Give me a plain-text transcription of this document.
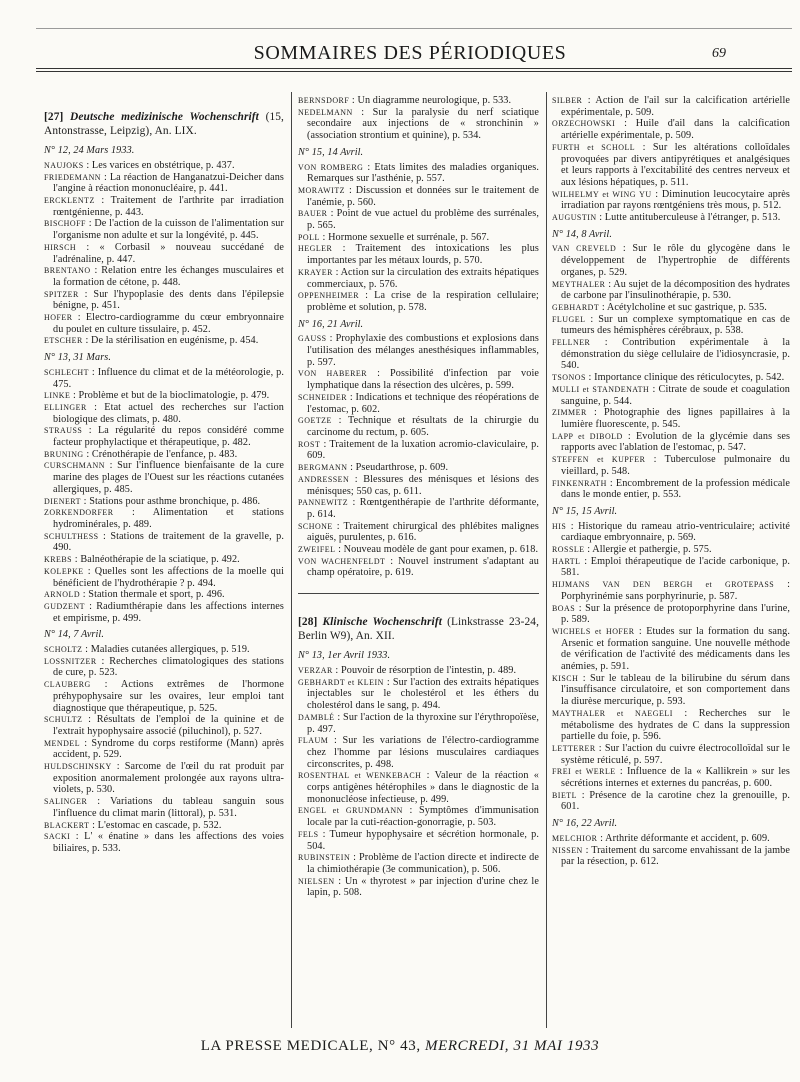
SOMMAIRES DES PÉRIODIQUES	69
[27] Deutsche medizinische Wochenschrift (15, Antonstrasse, Leipzig), An. LIX.
N° 12, 24 Mars 1933.
NAUJOKS : Les varices en obstétrique, p. 437.
FRIEDEMANN : La réaction de Hanganatzui-Deicher dans l'angine à réaction mononucléaire, p. 441.
ERCKLENTZ : Traitement de l'arthrite par irradiation rœntgénienne, p. 443.
BISCHOFF : De l'action de la cuisson de l'alimentation sur l'organisme non adulte et sur la longévité, p. 445.
HIRSCH : « Corbasil » nouveau succédané de l'adrénaline, p. 447.
BRENTANO : Relation entre les échanges musculaires et la formation de cétone, p. 448.
SPITZER : Sur l'hypoplasie des dents dans l'épilepsie bénigne, p. 451.
HOFER : Electro-cardiogramme du cœur embryonnaire du poulet en culture tissulaire, p. 452.
ETSCHER : De la stérilisation en eugénisme, p. 454.
N° 13, 31 Mars.
SCHLECHT : Influence du climat et de la météorologie, p. 475.
LINKE : Problème et but de la bioclimatologie, p. 479.
ELLINGER : Etat actuel des recherches sur l'action biologique des climats, p. 480.
STRAUSS : La régularité du repos considéré comme facteur prophylactique et thérapeutique, p. 482.
BRUNING : Crénothérapie de l'enfance, p. 483.
CURSCHMANN : Sur l'influence bienfaisante de la cure marine des plages de l'Ouest sur les réactions cutanées allergiques, p. 485.
DIENERT : Stations pour asthme bronchique, p. 486.
ZORKENDORFER : Alimentation et stations hydrominérales, p. 489.
SCHULTHESS : Stations de traitement de la gravelle, p. 490.
KREBS : Balnéothérapie de la sciatique, p. 492.
KOLEPKE : Quelles sont les affections de la moelle qui bénéficient de l'hydrothérapie ? p. 494.
ARNOLD : Station thermale et sport, p. 496.
GUDZENT : Radiumthérapie dans les affections internes et empirisme, p. 499.
N° 14, 7 Avril.
SCHOLTZ : Maladies cutanées allergiques, p. 519.
LOSSNITZER : Recherches climatologiques des stations de cure, p. 523.
CLAUBERG : Actions extrêmes de l'hormone préhypophysaire sur les ovaires, leur emploi tant diagnostique que thérapeutique, p. 525.
SCHULTZ : Résultats de l'emploi de la quinine et de l'extrait hypophysaire associé (piluchinol), p. 527.
MENDEL : Syndrome du corps restiforme (Mann) après accident, p. 529.
HULDSCHINSKY : Sarcome de l'œil du rat produit par exposition anormalement prolongée aux rayons ultra-violets, p. 530.
SALINGER : Variations du tableau sanguin sous l'influence du climat marin (littoral), p. 531.
BLACKERT : L'estomac en cascade, p. 532.
SACKI : L' « énatine » dans les affections des voies biliaires, p. 533.
BERNSDORF : Un diagramme neurologique, p. 533.
NEDELMANN : Sur la paralysie du nerf sciatique secondaire aux injections de « stronchinin » (association strontium et quinine), p. 534.
N° 15, 14 Avril.
VON ROMBERG : Etats limites des maladies organiques. Remarques sur l'asthénie, p. 557.
MORAWITZ : Discussion et données sur le traitement de l'anémie, p. 560.
BAUER : Point de vue actuel du problème des surrénales, p. 565.
POLL : Hormone sexuelle et surrénale, p. 567.
HEGLER : Traitement des intoxications les plus importantes par les métaux lourds, p. 570.
KRAYER : Action sur la circulation des extraits hépatiques commerciaux, p. 576.
OPPENHEIMER : La crise de la respiration cellulaire; problème et solution, p. 578.
N° 16, 21 Avril.
GAUSS : Prophylaxie des combustions et explosions dans l'utilisation des mélanges anesthésiques inflammables, p. 597.
VON HABERER : Possibilité d'infection par voie lymphatique dans la résection des ulcères, p. 599.
SCHNEIDER : Indications et technique des réopérations de l'estomac, p. 602.
GOETZE : Technique et résultats de la chirurgie du carcinome du rectum, p. 605.
ROST : Traitement de la luxation acromio-claviculaire, p. 609.
BERGMANN : Pseudarthrose, p. 609.
ANDRESSEN : Blessures des ménisques et lésions des ménisques; 550 cas, p. 611.
PANNEWITZ : Rœntgenthérapie de l'arthrite déformante, p. 614.
SCHONE : Traitement chirurgical des phlébites malignes aiguës, purulentes, p. 616.
ZWEIFEL : Nouveau modèle de gant pour examen, p. 618.
VON WACHENFELDT : Nouvel instrument s'adaptant au champ opératoire, p. 619.
[28] Klinische Wochenschrift (Linkstrasse 23-24, Berlin W9), An. XII.
N° 13, 1er Avril 1933.
VERZAR : Pouvoir de résorption de l'intestin, p. 489.
GEBHARDT et KLEIN : Sur l'action des extraits hépatiques injectables sur le cholestérol et les éthers du cholestérol dans le sang, p. 494.
DAMBLÉ : Sur l'action de la thyroxine sur l'érythropoïèse, p. 497.
FLAUM : Sur les variations de l'électro-cardiogramme chez l'homme par lésions musculaires cardiaques circonscrites, p. 498.
ROSENTHAL et WENKEBACH : Valeur de la réaction « corps antigènes hétérophiles » dans le diagnostic de la mononucléose infectieuse, p. 499.
ENGEL et GRUNDMANN : Symptômes d'immunisation locale par la cuti-réaction-gonorragie, p. 503.
FELS : Tumeur hypophysaire et sécrétion hormonale, p. 504.
RUBINSTEIN : Problème de l'action directe et indirecte de la chimiothérapie (3e communication), p. 506.
NIELSEN : Un « thyrotest » par injection d'urine chez le lapin, p. 508.
SILBER : Action de l'ail sur la calcification artérielle expérimentale, p. 509.
ORZECHOWSKI : Huile d'ail dans la calcification artérielle expérimentale, p. 509.
FURTH et SCHOLL : Sur les altérations colloïdales provoquées par divers antipyrétiques et analgésiques et leurs rapports à l'excitabilité des centres nerveux et aux lésions hépatiques, p. 511.
WILHELMY et WING YU : Diminution leucocytaire après irradiation par rayons rœntgéniens très mous, p. 512.
AUGUSTIN : Lutte antituberculeuse à l'étranger, p. 513.
N° 14, 8 Avril.
VAN CREVELD : Sur le rôle du glycogène dans le développement de l'hypertrophie de différents organes, p. 529.
MEYTHALER : Au sujet de la décomposition des hydrates de carbone par l'insulinothérapie, p. 530.
GEBHARDT : Acétylcholine et suc gastrique, p. 535.
FLUGEL : Sur un complexe symptomatique en cas de tumeurs des hémisphères cérébraux, p. 538.
FELLNER : Contribution expérimentale à la démonstration du siège cellulaire de l'idiosyncrasie, p. 540.
TSONOS : Importance clinique des réticulocytes, p. 542.
MULLI et STANDENATH : Citrate de soude et coagulation sanguine, p. 544.
ZIMMER : Photographie des lignes papillaires à la lumière fluorescente, p. 545.
LAPP et DIBOLD : Evolution de la glycémie dans ses rapports avec l'ablation de l'estomac, p. 547.
STEFFEN et KUPFER : Tuberculose pulmonaire du vieillard, p. 548.
FINKENRATH : Encombrement de la profession médicale dans le monde entier, p. 553.
N° 15, 15 Avril.
HIS : Historique du rameau atrio-ventriculaire; activité cardiaque embryonnaire, p. 569.
ROSSLE : Allergie et pathergie, p. 575.
HARTL : Emploi thérapeutique de l'acide carbonique, p. 581.
HIJMANS VAN DEN BERGH et GROTEPASS : Porphyrinémie sans porphyrinurie, p. 587.
BOAS : Sur la présence de protoporphyrine dans l'urine, p. 589.
WICHELS et HOFER : Etudes sur la formation du sang. Arsenic et formation sanguine. Une nouvelle méthode de vérification de l'activité des médicaments dans les anémies, p. 591.
KISCH : Sur le tableau de la bilirubine du sérum dans l'insuffisance circulatoire, et son comportement dans la diurèse mercurique, p. 593.
MAYTHALER et NAEGELI : Recherches sur le métabolisme des hydrates de C dans la suppression partielle du foie, p. 596.
LETTERER : Sur l'action du cuivre électrocolloïdal sur le système réticulé, p. 597.
FREI et WERLE : Influence de la « Kallikrein » sur les sécrétions internes et externes du pancréas, p. 600.
BIETL : Présence de la carotine chez la grenouille, p. 601.
N° 16, 22 Avril.
MELCHIOR : Arthrite déformante et accident, p. 609.
NISSEN : Traitement du sarcome envahissant de la jambe par la résection, p. 612.
LA PRESSE MEDICALE, N° 43, MERCREDI, 31 MAI 1933
